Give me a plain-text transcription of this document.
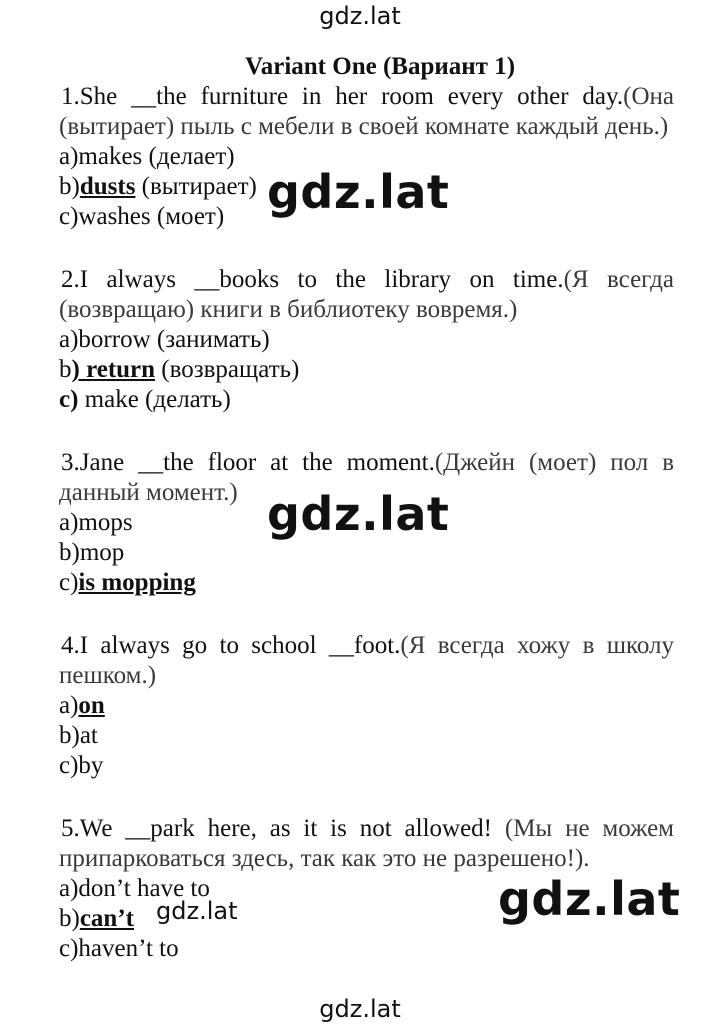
gdz.lat
Variant One (Вариант 1)
1.She __the furniture in her room every other day.(Она (вытирает) пыль с мебели в своей комнате каждый день.)
a)makes (делает)
b)dusts (вытирает)
c)washes (моет)
2.I always __books to the library on time.(Я всегда (возвращаю) книги в библиотеку вовремя.)
a)borrow (занимать)
b) return (возвращать)
c) make (делать)
3.Jane __the floor at the moment.(Джейн (моет) пол в данный момент.)
a)mops
b)mop
c)is mopping
4.I always go to school __foot.(Я всегда хожу в школу пешком.)
a)on
b)at
c)by
5.We __park here, as it is not allowed! (Мы не можем припарковаться здесь, так как это не разрешено!).
a)don’t have to
b)can’t
c)haven’t to
gdz.lat
gdz.lat
gdz.lat
gdz.lat
gdz.lat
